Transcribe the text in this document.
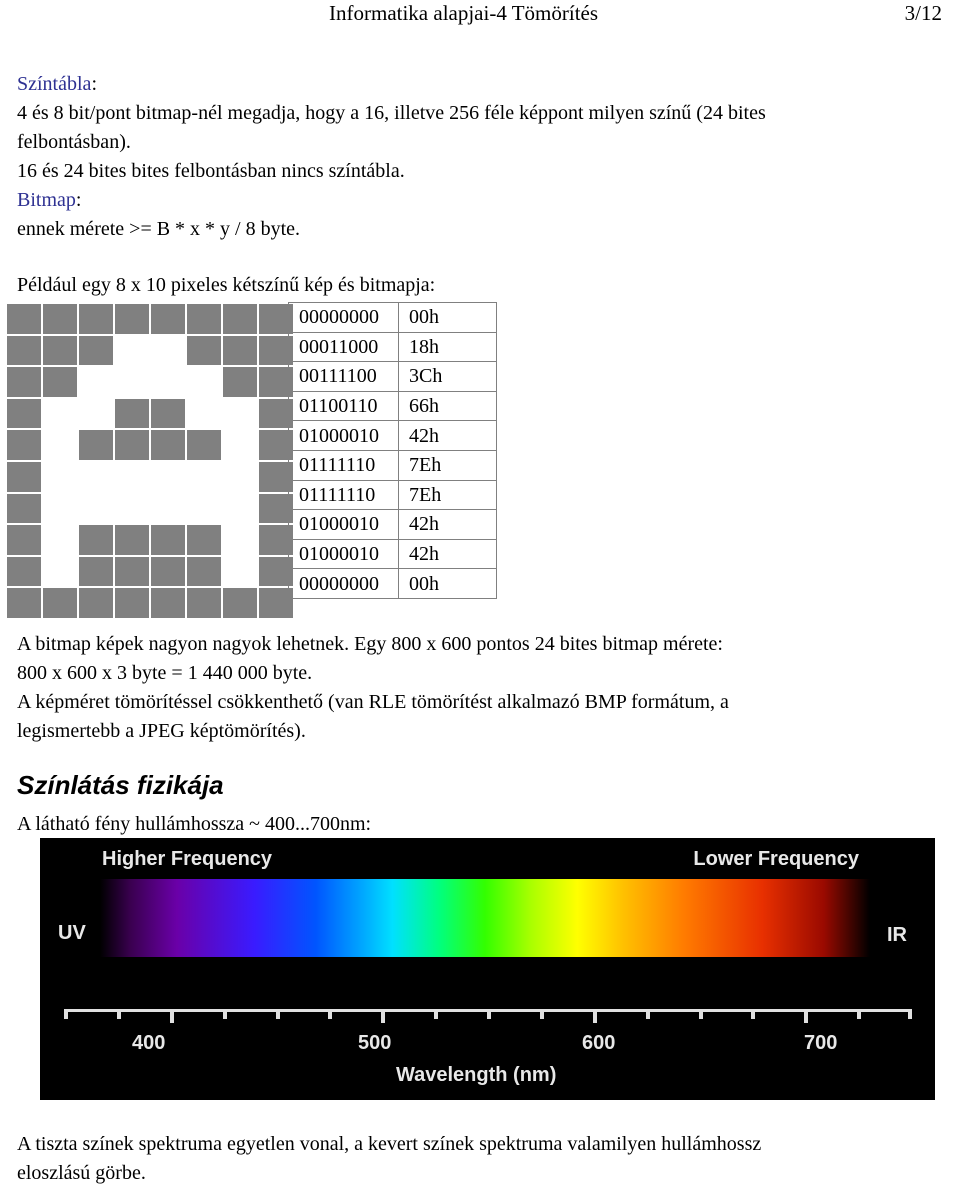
Informatika alapjai-4 Tömörítés	3/12
Színtábla:
4 és 8 bit/pont bitmap-nél megadja, hogy a 16, illetve 256 féle képpont milyen színű (24 bites
felbontásban).
16 és 24 bites bites felbontásban nincs színtábla.
Bitmap:
ennek mérete >= B * x * y / 8 byte.
Például egy 8 x 10 pixeles kétszínű kép és bitmapja:

00000000	00h
00011000	18h
00111100	3Ch
01100110	66h
01000010	42h
01111110	7Eh
01111110	7Eh
01000010	42h
01000010	42h
00000000	00h
A bitmap képek nagyon nagyok lehetnek. Egy 800 x 600 pontos 24 bites bitmap mérete:
800 x 600 x 3 byte = 1 440 000 byte.
A képméret tömörítéssel csökkenthető (van RLE tömörítést alkalmazó BMP formátum, a
legismertebb a JPEG képtömörítés).
Színlátás fizikája
A látható fény hullámhossza ~ 400...700nm:
Higher Frequency	Lower Frequency
UV	IR
400	500	600	700
Wavelength (nm)
A tiszta színek spektruma egyetlen vonal, a kevert színek spektruma valamilyen hullámhossz
eloszlású görbe.
